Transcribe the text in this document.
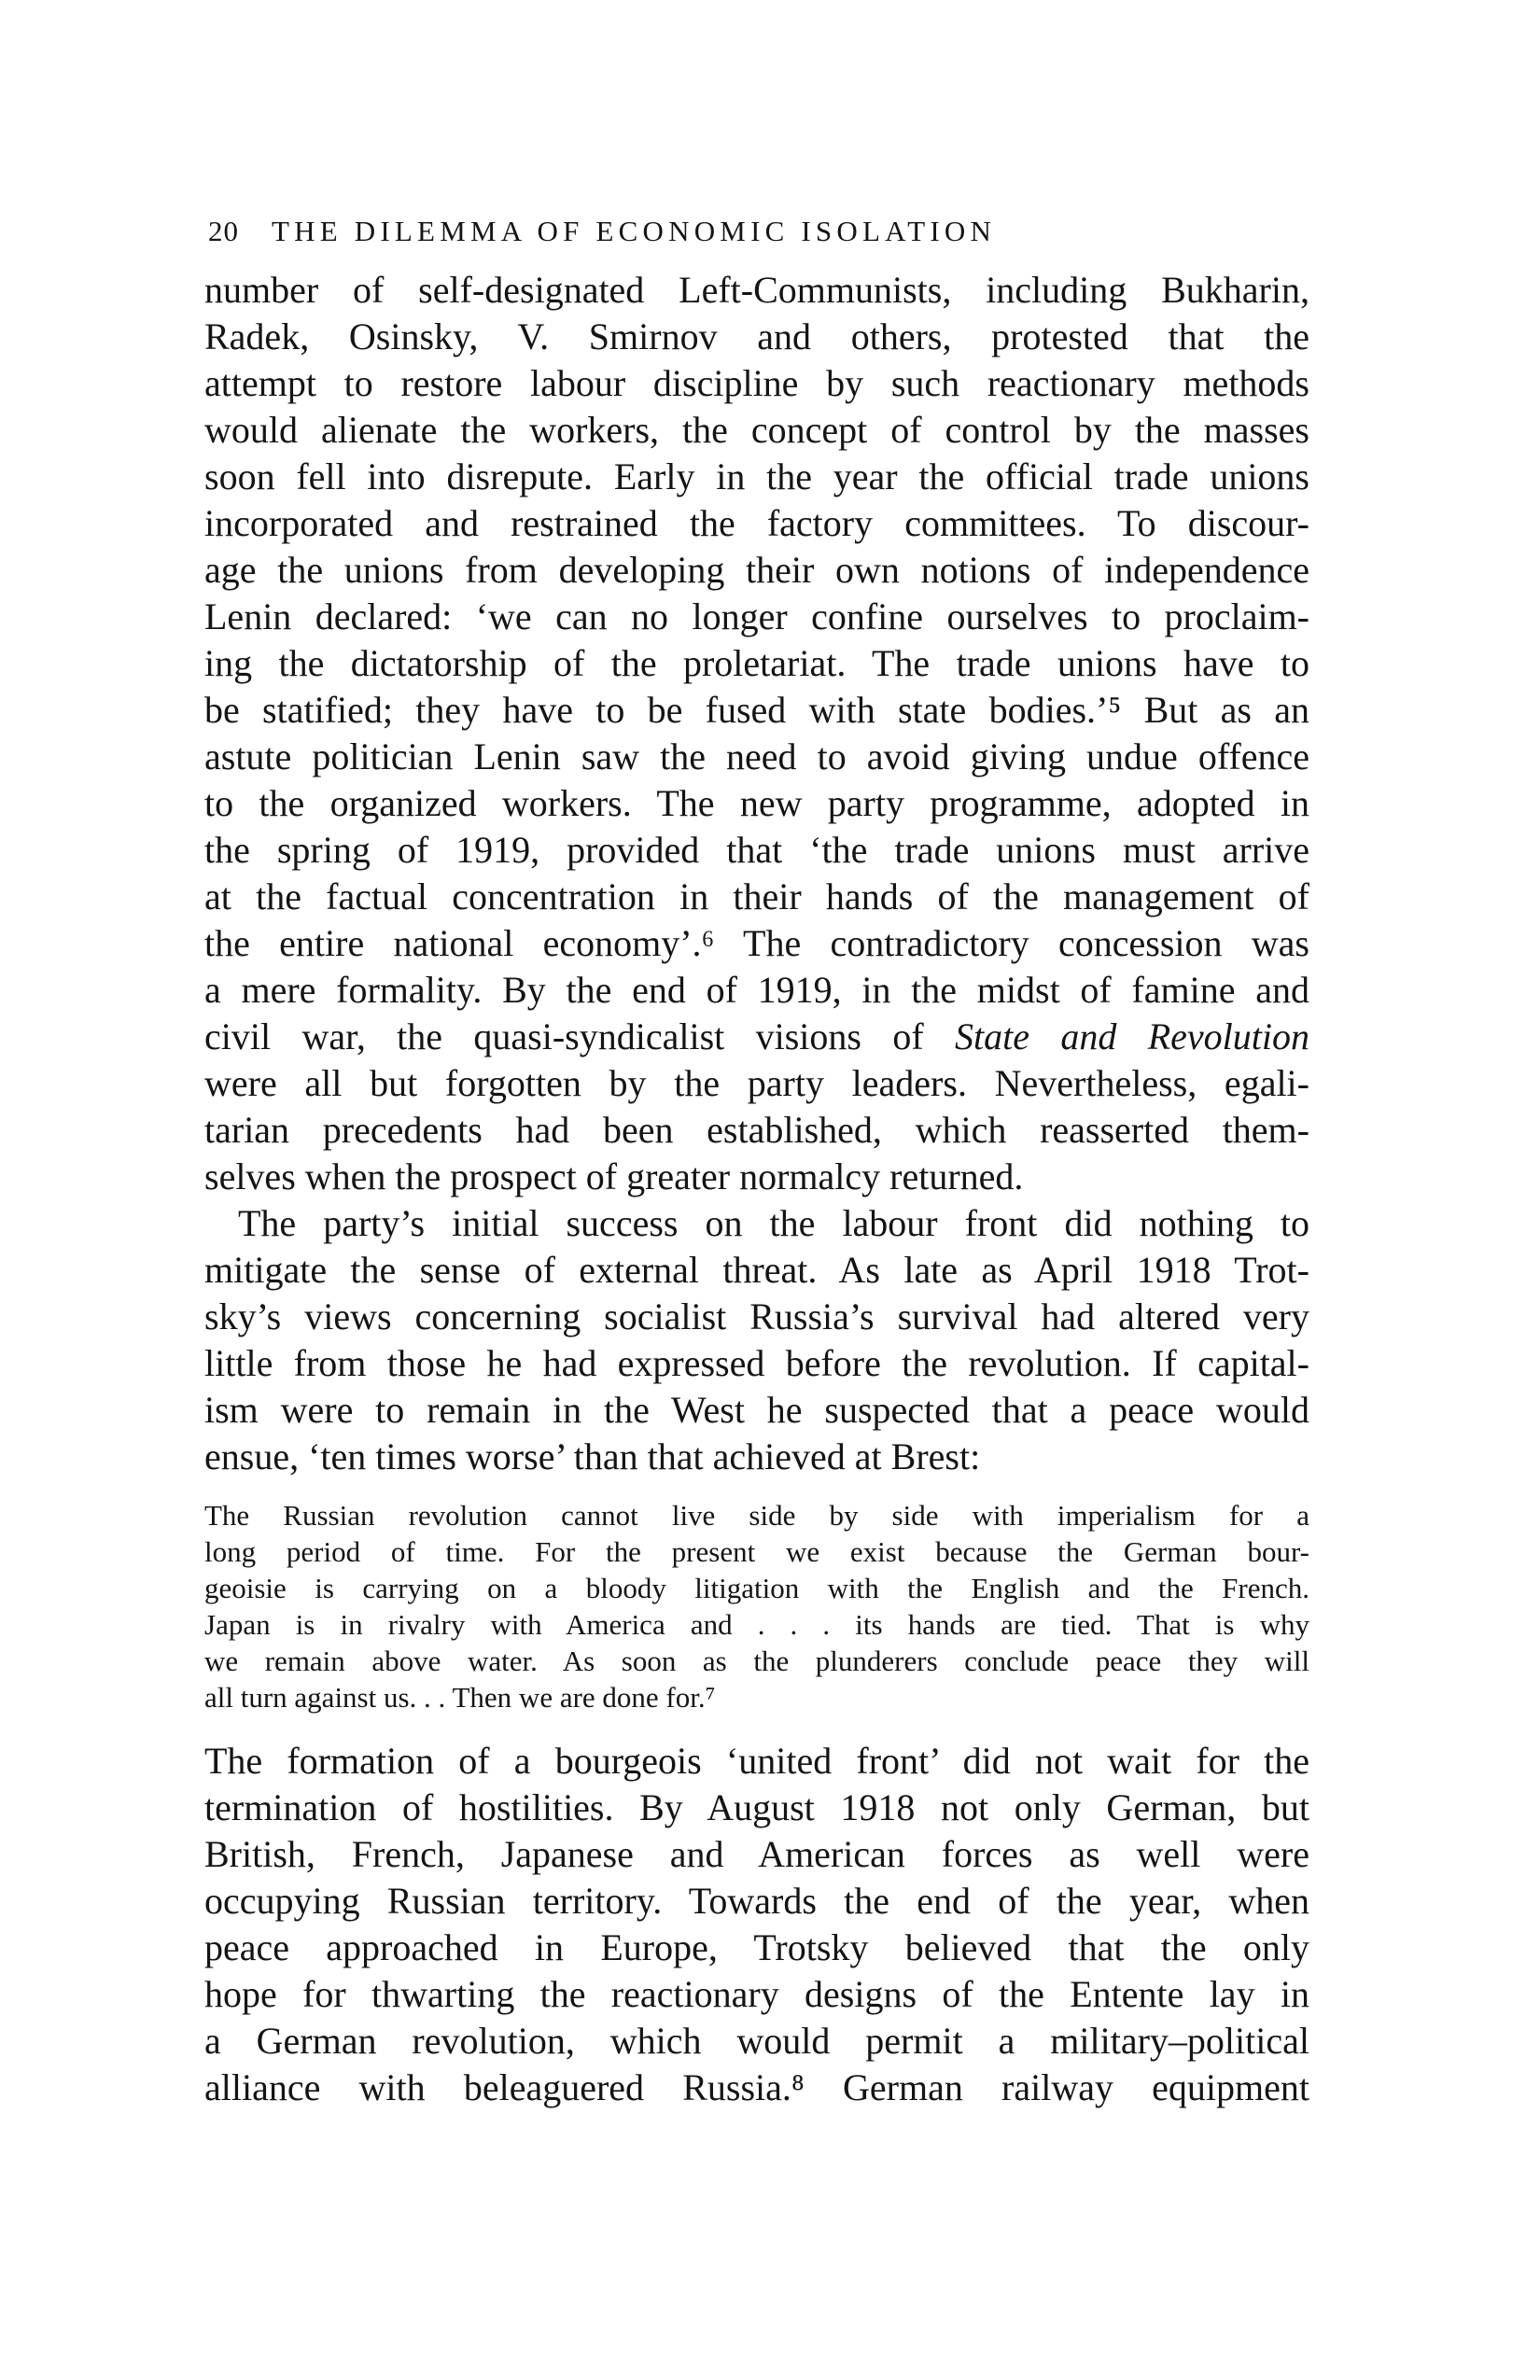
20 THE DILEMMA OF ECONOMIC ISOLATION
number of self-designated Left-Communists, including Bukharin,
Radek, Osinsky, V. Smirnov and others, protested that the
attempt to restore labour discipline by such reactionary methods
would alienate the workers, the concept of control by the masses
soon fell into disrepute. Early in the year the official trade unions
incorporated and restrained the factory committees. To discour-
age the unions from developing their own notions of independence
Lenin declared: ‘we can no longer confine ourselves to proclaim-
ing the dictatorship of the proletariat. The trade unions have to
be statified; they have to be fused with state bodies.’⁵ But as an
astute politician Lenin saw the need to avoid giving undue offence
to the organized workers. The new party programme, adopted in
the spring of 1919, provided that ‘the trade unions must arrive
at the factual concentration in their hands of the management of
the entire national economy’.⁶ The contradictory concession was
a mere formality. By the end of 1919, in the midst of famine and
civil war, the quasi-syndicalist visions of State and Revolution
were all but forgotten by the party leaders. Nevertheless, egali-
tarian precedents had been established, which reasserted them-
selves when the prospect of greater normalcy returned.
The party’s initial success on the labour front did nothing to
mitigate the sense of external threat. As late as April 1918 Trot-
sky’s views concerning socialist Russia’s survival had altered very
little from those he had expressed before the revolution. If capital-
ism were to remain in the West he suspected that a peace would
ensue, ‘ten times worse’ than that achieved at Brest:
The Russian revolution cannot live side by side with imperialism for a
long period of time. For the present we exist because the German bour-
geoisie is carrying on a bloody litigation with the English and the French.
Japan is in rivalry with America and . . . its hands are tied. That is why
we remain above water. As soon as the plunderers conclude peace they will
all turn against us. . . Then we are done for.⁷
The formation of a bourgeois ‘united front’ did not wait for the
termination of hostilities. By August 1918 not only German, but
British, French, Japanese and American forces as well were
occupying Russian territory. Towards the end of the year, when
peace approached in Europe, Trotsky believed that the only
hope for thwarting the reactionary designs of the Entente lay in
a German revolution, which would permit a military–political
alliance with beleaguered Russia.⁸ German railway equipment
